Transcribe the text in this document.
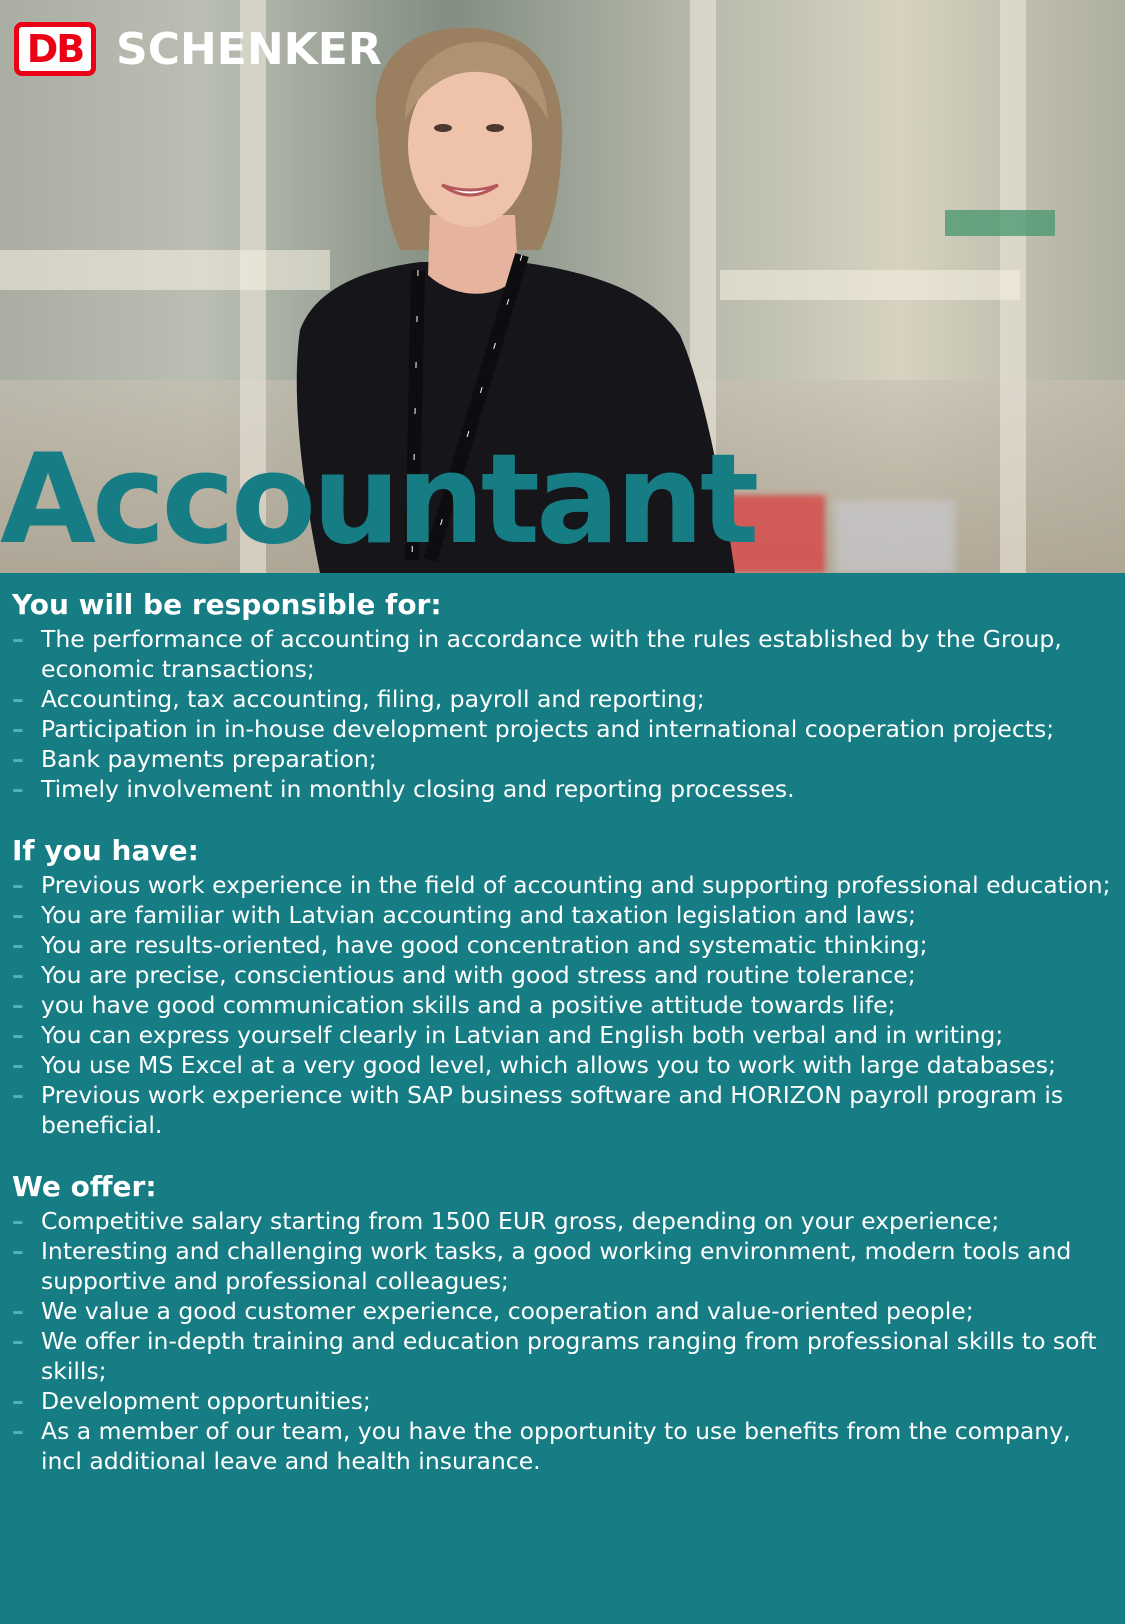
DB SCHENKER
Accountant
You will be responsible for:
– The performance of accounting in accordance with the rules established by the Group, economic transactions;
– Accounting, tax accounting, filing, payroll and reporting;
– Participation in in-house development projects and international cooperation projects;
– Bank payments preparation;
– Timely involvement in monthly closing and reporting processes.
If you have:
– Previous work experience in the field of accounting and supporting professional education;
– You are familiar with Latvian accounting and taxation legislation and laws;
– You are results-oriented, have good concentration and systematic thinking;
– You are precise, conscientious and with good stress and routine tolerance;
– you have good communication skills and a positive attitude towards life;
– You can express yourself clearly in Latvian and English both verbal and in writing;
– You use MS Excel at a very good level, which allows you to work with large databases;
– Previous work experience with SAP business software and HORIZON payroll program is beneficial.
We offer:
– Competitive salary starting from 1500 EUR gross, depending on your experience;
– Interesting and challenging work tasks, a good working environment, modern tools and supportive and professional colleagues;
– We value a good customer experience, cooperation and value-oriented people;
– We offer in-depth training and education programs ranging from professional skills to soft skills;
– Development opportunities;
– As a member of our team, you have the opportunity to use benefits from the company, incl additional leave and health insurance.
